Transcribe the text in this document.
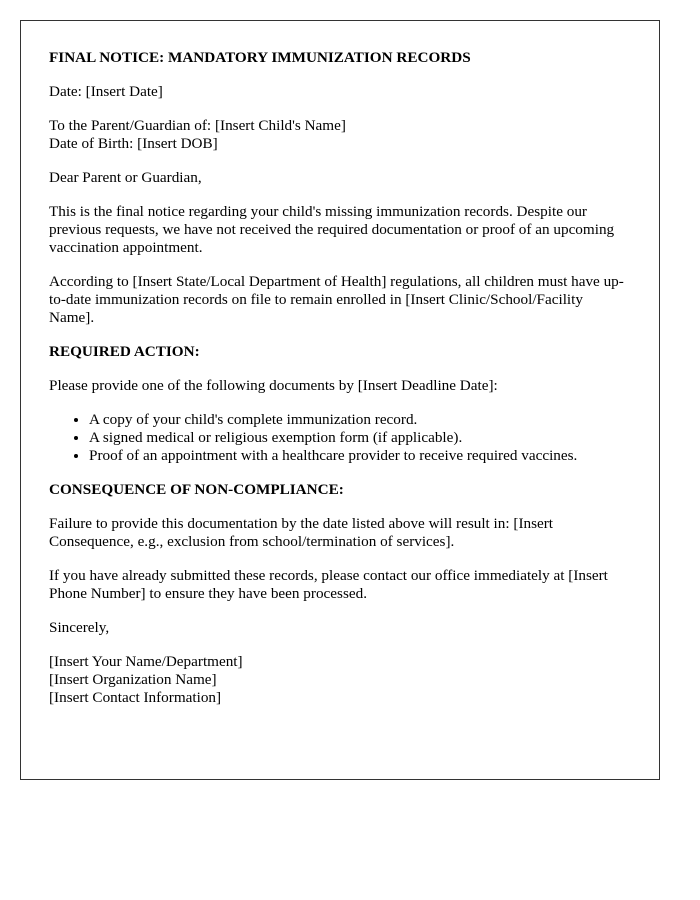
FINAL NOTICE: MANDATORY IMMUNIZATION RECORDS

Date: [Insert Date]

To the Parent/Guardian of: [Insert Child's Name]
Date of Birth: [Insert DOB]

Dear Parent or Guardian,

This is the final notice regarding your child's missing immunization records. Despite our previous requests, we have not received the required documentation or proof of an upcoming vaccination appointment.

According to [Insert State/Local Department of Health] regulations, all children must have up-to-date immunization records on file to remain enrolled in [Insert Clinic/School/Facility Name].

REQUIRED ACTION:

Please provide one of the following documents by [Insert Deadline Date]:

• A copy of your child's complete immunization record.
• A signed medical or religious exemption form (if applicable).
• Proof of an appointment with a healthcare provider to receive required vaccines.
CONSEQUENCE OF NON-COMPLIANCE:

Failure to provide this documentation by the date listed above will result in: [Insert Consequence, e.g., exclusion from school/termination of services].

If you have already submitted these records, please contact our office immediately at [Insert Phone Number] to ensure they have been processed.

Sincerely,

[Insert Your Name/Department]
[Insert Organization Name]
[Insert Contact Information]
